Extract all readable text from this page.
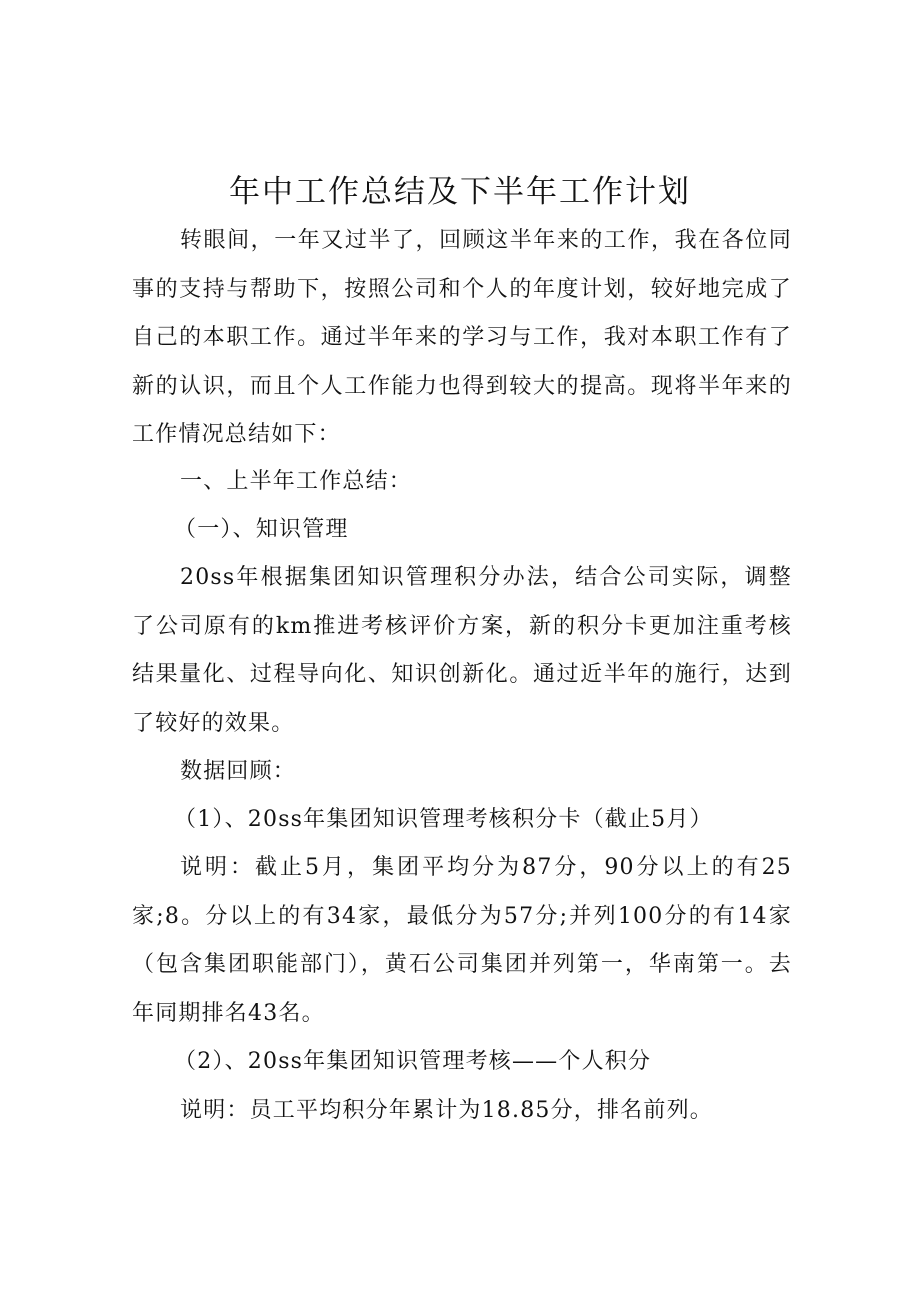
年中工作总结及下半年工作计划

转眼间，一年又过半了，回顾这半年来的工作，我在各位同事的支持与帮助下，按照公司和个人的年度计划，较好地完成了自己的本职工作。通过半年来的学习与工作，我对本职工作有了新的认识，而且个人工作能力也得到较大的提高。现将半年来的工作情况总结如下：

一、上半年工作总结：

（一）、知识管理

20ss年根据集团知识管理积分办法，结合公司实际，调整了公司原有的km推进考核评价方案，新的积分卡更加注重考核结果量化、过程导向化、知识创新化。通过近半年的施行，达到了较好的效果。

数据回顾：

（1）、20ss年集团知识管理考核积分卡（截止5月）

说明：截止5月，集团平均分为87分，90分以上的有25家;8。分以上的有34家，最低分为57分;并列100分的有14家（包含集团职能部门），黄石公司集团并列第一，华南第一。去年同期排名43名。

（2）、20ss年集团知识管理考核——个人积分

说明：员工平均积分年累计为18.85分，排名前列。
